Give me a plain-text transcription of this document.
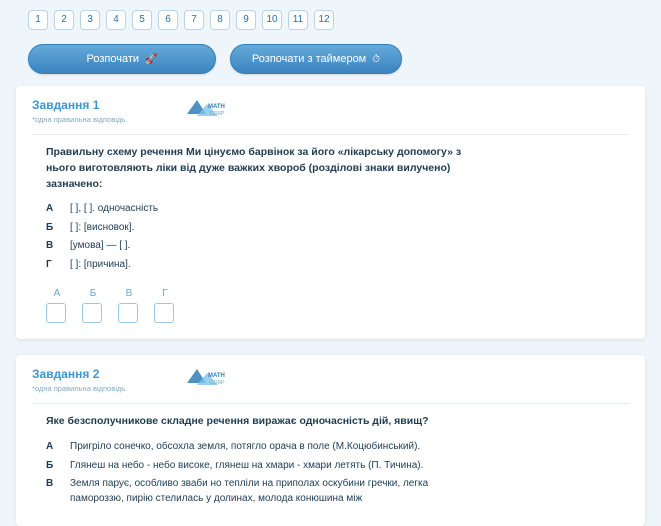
1	2	3	4	5	6	7	8	9	10	11	12
Розпочати 🚀	Розпочати з таймером ⏱

Завдання 1

*одна правильна відповідь.

MATH
CORP

Правильну схему речення Ми цінуємо барвінок за його «лікарську допомогу» з нього виготовляють ліки від дуже важких хвороб (розділові знаки вилучено) зазначено:

А	[ ], [ ]. одночасність
Б	[ ]: [висновок].
В	[умова] — [ ].
Г	[ ]: [причина].
А	Б	В	Г

Завдання 2

*одна правильна відповідь.

MATH
CORP

Яке безсполучникове складне речення виражає одночасність дій, явищ?

А	Пригріло сонечко, обсохла земля, потягло орача в поле (М.Коцюбинський).
Б	Глянеш на небо - небо високе, глянеш на хмари - хмари летять (П. Тичина).
В	Земля парує, особливо зваби но тепліли на приполах оскубини гречки, легка памороззю, пирію стелилась у долинах, молода конюшина між
